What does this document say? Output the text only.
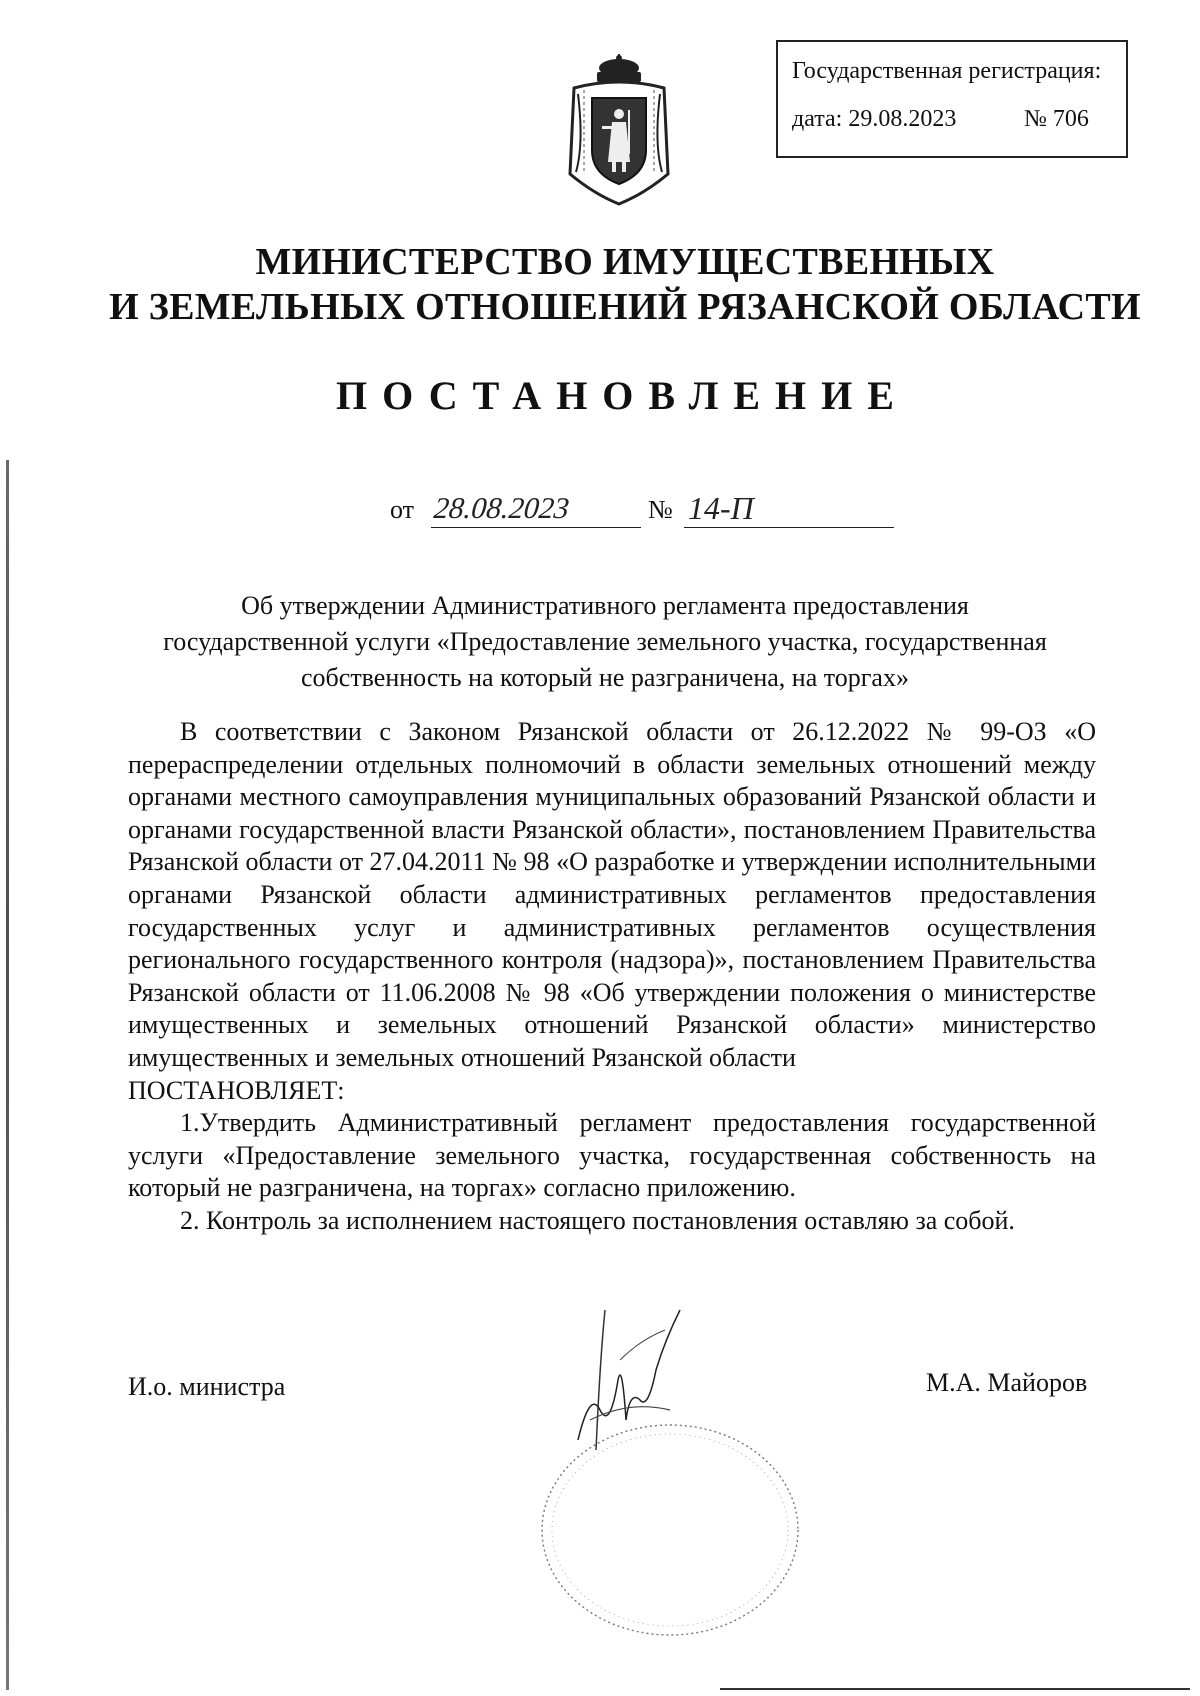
Государственная регистрация:
дата: 29.08.2023	№ 706
МИНИСТЕРСТВО ИМУЩЕСТВЕННЫХ
И ЗЕМЕЛЬНЫХ ОТНОШЕНИЙ РЯЗАНСКОЙ ОБЛАСТИ
ПОСТАНОВЛЕНИЕ
от 28.08.2023	№ 14-П
Об утверждении Административного регламента предоставления
государственной услуги «Предоставление земельного участка, государственная
собственность на который не разграничена, на торгах»

В соответствии с Законом Рязанской области от 26.12.2022 № 99-ОЗ «О перераспределении отдельных полномочий в области земельных отношений между органами местного самоуправления муниципальных образований Рязанской области и органами государственной власти Рязанской области», постановлением Правительства Рязанской области от 27.04.2011 № 98 «О разработке и утверждении исполнительными органами Рязанской области административных регламентов предоставления государственных услуг и административных регламентов осуществления регионального государственного контроля (надзора)», постановлением Правительства Рязанской области от 11.06.2008 № 98 «Об утверждении положения о министерстве имущественных и земельных отношений Рязанской области» министерство имущественных и земельных отношений Рязанской области

ПОСТАНОВЛЯЕТ:

1.Утвердить Административный регламент предоставления государственной услуги «Предоставление земельного участка, государственная собственность на который не разграничена, на торгах» согласно приложению.

2. Контроль за исполнением настоящего постановления оставляю за собой.

И.о. министра	М.А. Майоров
